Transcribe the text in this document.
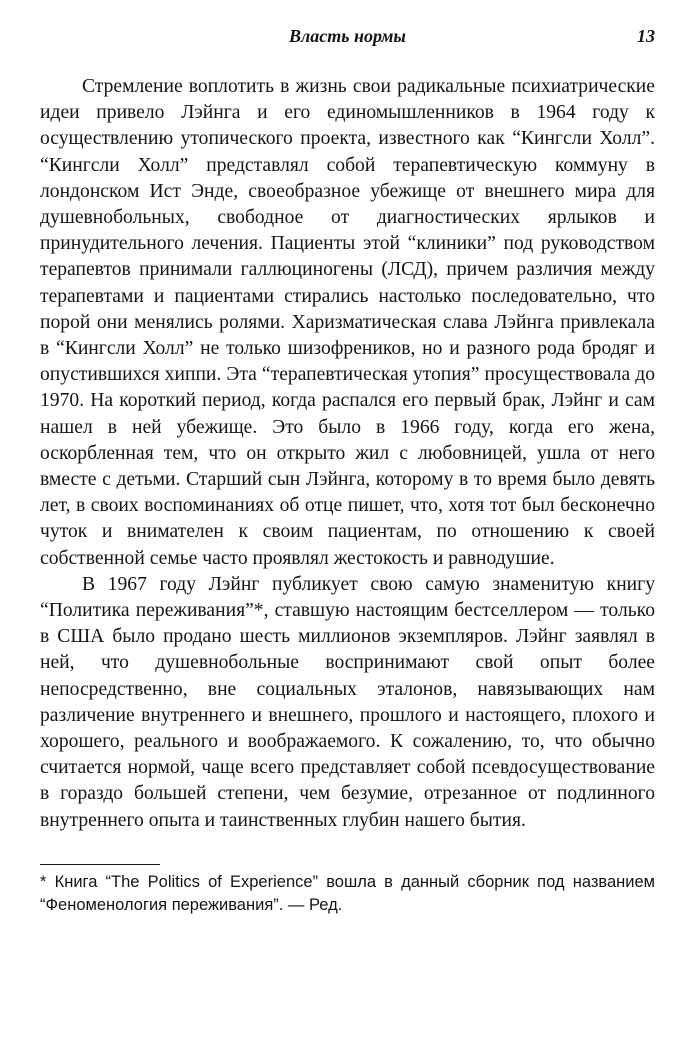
Власть нормы	13

Стремление воплотить в жизнь свои радикальные психиатрические идеи привело Лэйнга и его единомышленников в 1964 году к осуществлению утопического проекта, известного как “Кингсли Холл”. “Кингсли Холл” представлял собой терапевтическую коммуну в лондонском Ист Энде, своеобразное убежище от внешнего мира для душевнобольных, свободное от диагностических ярлыков и принудительного лечения. Пациенты этой “клиники” под руководством терапевтов принимали галлюциногены (ЛСД), причем различия между терапевтами и пациентами стирались настолько последовательно, что порой они менялись ролями. Харизматическая слава Лэйнга привлекала в “Кингсли Холл” не только шизофреников, но и разного рода бродяг и опустившихся хиппи. Эта “терапевтическая утопия” просуществовала до 1970. На короткий период, когда распался его первый брак, Лэйнг и сам нашел в ней убежище. Это было в 1966 году, когда его жена, оскорбленная тем, что он открыто жил с любовницей, ушла от него вместе с детьми. Старший сын Лэйнга, которому в то время было девять лет, в своих воспоминаниях об отце пишет, что, хотя тот был бесконечно чуток и внимателен к своим пациентам, по отношению к своей собственной семье часто проявлял жестокость и равнодушие.

В 1967 году Лэйнг публикует свою самую знаменитую книгу “Политика переживания”*, ставшую настоящим бестселлером — только в США было продано шесть миллионов экземпляров. Лэйнг заявлял в ней, что душевнобольные воспринимают свой опыт более непосредственно, вне социальных эталонов, навязывающих нам различение внутреннего и внешнего, прошлого и настоящего, плохого и хорошего, реального и воображаемого. К сожалению, то, что обычно считается нормой, чаще всего представляет собой псевдосуществование в гораздо большей степени, чем безумие, отрезанное от подлинного внутреннего опыта и таинственных глубин нашего бытия.

* Книга “The Politics of Experience” вошла в данный сборник под названием “Феноменология переживания”. — Ред.
